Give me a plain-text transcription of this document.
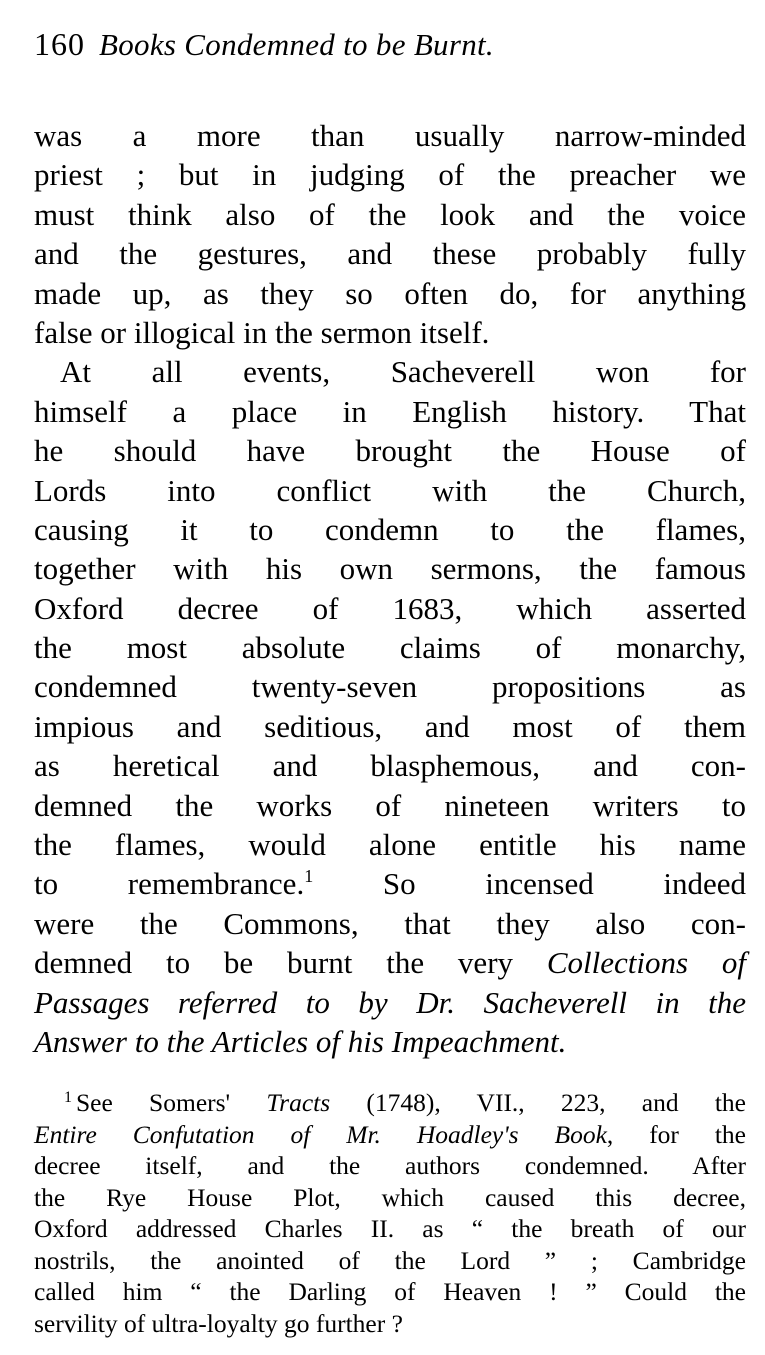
160 Books Condemned to be Burnt.
was a more than usually narrow-minded
priest ; but in judging of the preacher we
must think also of the look and the voice
and the gestures, and these probably fully
made up, as they so often do, for anything
false or illogical in the sermon itself.
At all events, Sacheverell won for
himself a place in English history. That
he should have brought the House of
Lords into conflict with the Church,
causing it to condemn to the flames,
together with his own sermons, the famous
Oxford decree of 1683, which asserted
the most absolute claims of monarchy,
condemned twenty-seven propositions as
impious and seditious, and most of them
as heretical and blasphemous, and con-
demned the works of nineteen writers to
the flames, would alone entitle his name
to remembrance.$^1$ So incensed indeed
were the Commons, that they also con-
demned to be burnt the very Collections of
Passages referred to by Dr. Sacheverell in the
Answer to the Articles of his Impeachment.
$^1$ See Somers' Tracts (1748), VII., 223, and the
Entire Confutation of Mr. Hoadley's Book, for the
decree itself, and the authors condemned. After
the Rye House Plot, which caused this decree,
Oxford addressed Charles II. as “ the breath of our
nostrils, the anointed of the Lord ” ; Cambridge
called him “ the Darling of Heaven ! ” Could the
servility of ultra-loyalty go further ?
